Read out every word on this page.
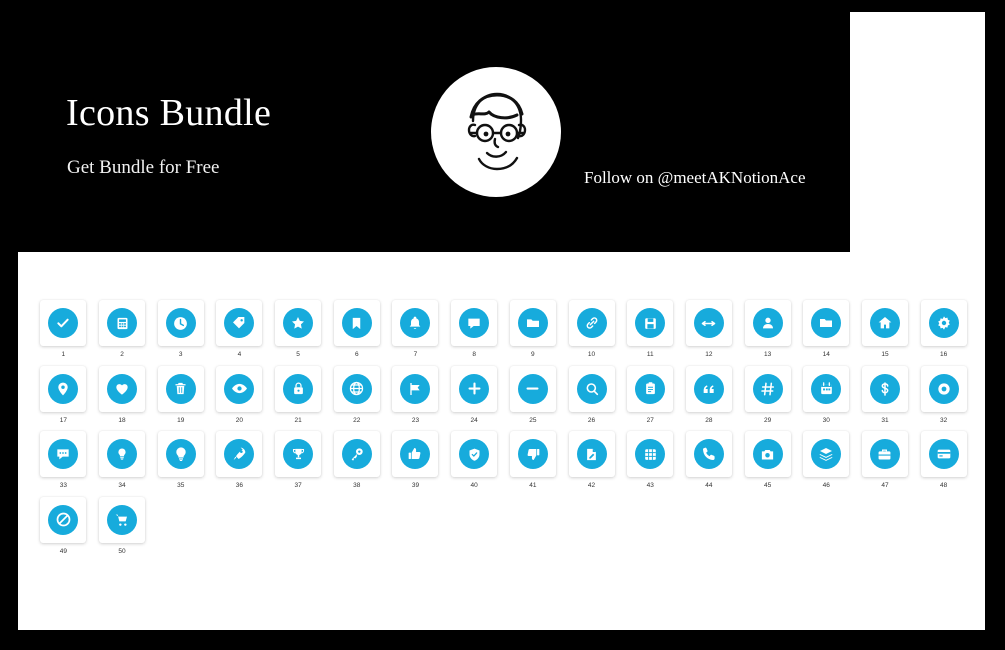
Icons Bundle
Get Bundle for Free	Follow on @meetAKNotionAce
1	2	3	4	5	6	7	8	9	10	11	12	13	14	15	16
17	18	19	20	21	22	23	24	25	26	27	28	29	30	31	32
33	34	35	36	37	38	39	40	41	42	43	44	45	46	47	48
49	50
